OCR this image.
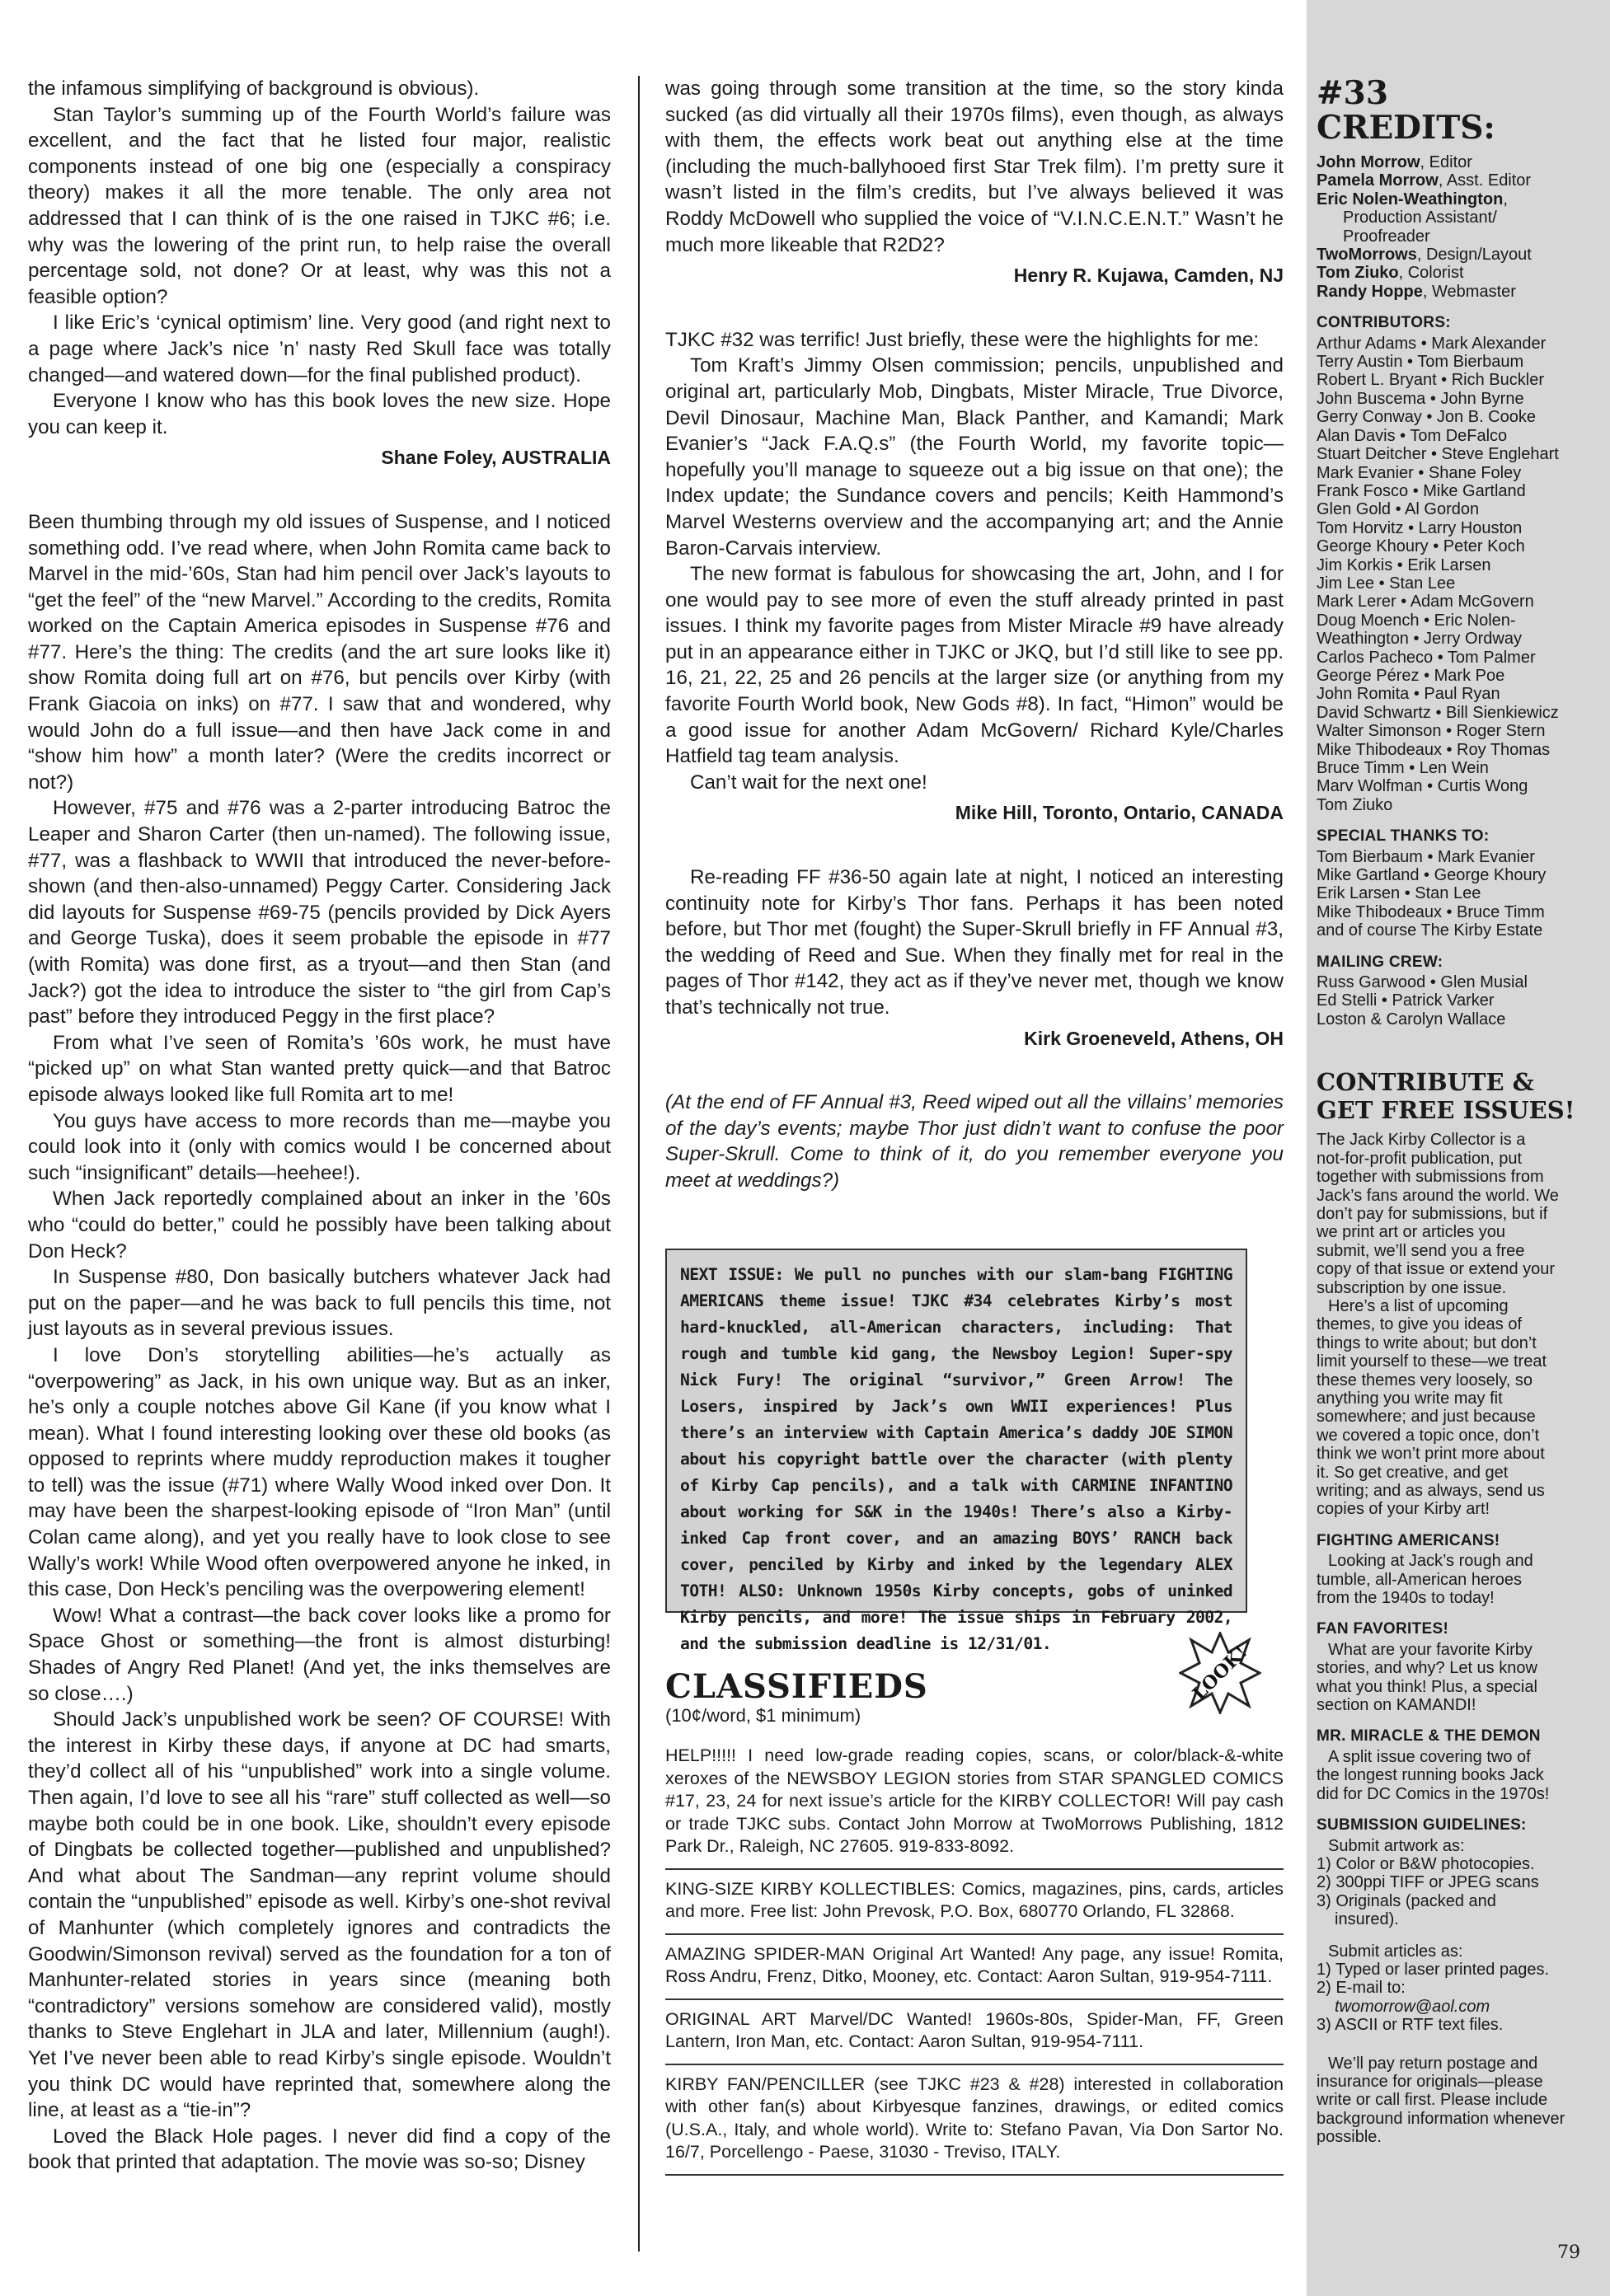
the infamous simplifying of background is obvious).

Stan Taylor’s summing up of the Fourth World’s failure was excellent, and the fact that he listed four major, realistic components instead of one big one (especially a conspiracy theory) makes it all the more tenable. The only area not addressed that I can think of is the one raised in TJKC #6; i.e. why was the lowering of the print run, to help raise the overall percentage sold, not done? Or at least, why was this not a feasible option?

I like Eric’s ‘cynical optimism’ line. Very good (and right next to a page where Jack’s nice ’n’ nasty Red Skull face was totally changed—and watered down—for the final published product).

Everyone I know who has this book loves the new size. Hope you can keep it.

Shane Foley, AUSTRALIA

Been thumbing through my old issues of Suspense, and I noticed something odd. I’ve read where, when John Romita came back to Marvel in the mid-’60s, Stan had him pencil over Jack’s layouts to “get the feel” of the “new Marvel.” According to the credits, Romita worked on the Captain America episodes in Suspense #76 and #77. Here’s the thing: The credits (and the art sure looks like it) show Romita doing full art on #76, but pencils over Kirby (with Frank Giacoia on inks) on #77. I saw that and wondered, why would John do a full issue—and then have Jack come in and “show him how” a month later? (Were the credits incorrect or not?)

However, #75 and #76 was a 2-parter introducing Batroc the Leaper and Sharon Carter (then un-named). The following issue, #77, was a flashback to WWII that introduced the never-before-shown (and then-also-unnamed) Peggy Carter. Considering Jack did layouts for Suspense #69-75 (pencils provided by Dick Ayers and George Tuska), does it seem probable the episode in #77 (with Romita) was done first, as a tryout—and then Stan (and Jack?) got the idea to introduce the sister to “the girl from Cap’s past” before they introduced Peggy in the first place?

From what I’ve seen of Romita’s ’60s work, he must have “picked up” on what Stan wanted pretty quick—and that Batroc episode always looked like full Romita art to me!

You guys have access to more records than me—maybe you could look into it (only with comics would I be concerned about such “insignificant” details—heehee!).

When Jack reportedly complained about an inker in the ’60s who “could do better,” could he possibly have been talking about Don Heck?

In Suspense #80, Don basically butchers whatever Jack had put on the paper—and he was back to full pencils this time, not just layouts as in several previous issues.

I love Don’s storytelling abilities—he’s actually as “overpowering” as Jack, in his own unique way. But as an inker, he’s only a couple notches above Gil Kane (if you know what I mean). What I found interesting looking over these old books (as opposed to reprints where muddy reproduction makes it tougher to tell) was the issue (#71) where Wally Wood inked over Don. It may have been the sharpest-looking episode of “Iron Man” (until Colan came along), and yet you really have to look close to see Wally’s work! While Wood often overpowered anyone he inked, in this case, Don Heck’s penciling was the overpowering element!

Wow! What a contrast—the back cover looks like a promo for Space Ghost or something—the front is almost disturbing! Shades of Angry Red Planet! (And yet, the inks themselves are so close….)

Should Jack’s unpublished work be seen? OF COURSE! With the interest in Kirby these days, if anyone at DC had smarts, they’d collect all of his “unpublished” work into a single volume. Then again, I’d love to see all his “rare” stuff collected as well—so maybe both could be in one book. Like, shouldn’t every episode of Dingbats be collected together—published and unpublished? And what about The Sandman—any reprint volume should contain the “unpublished” episode as well. Kirby’s one-shot revival of Manhunter (which completely ignores and contradicts the Goodwin/Simonson revival) served as the foundation for a ton of Manhunter-related stories in years since (meaning both “contradictory” versions somehow are considered valid), mostly thanks to Steve Englehart in JLA and later, Millennium (augh!). Yet I’ve never been able to read Kirby’s single episode. Wouldn’t you think DC would have reprinted that, somewhere along the line, at least as a “tie-in”?

Loved the Black Hole pages. I never did find a copy of the book that printed that adaptation. The movie was so-so; Disney

was going through some transition at the time, so the story kinda sucked (as did virtually all their 1970s films), even though, as always with them, the effects work beat out anything else at the time (including the much-ballyhooed first Star Trek film). I’m pretty sure it wasn’t listed in the film’s credits, but I’ve always believed it was Roddy McDowell who supplied the voice of “V.I.N.C.E.N.T.” Wasn’t he much more likeable that R2D2?

Henry R. Kujawa, Camden, NJ

TJKC #32 was terrific! Just briefly, these were the highlights for me:

Tom Kraft’s Jimmy Olsen commission; pencils, unpublished and original art, particularly Mob, Dingbats, Mister Miracle, True Divorce, Devil Dinosaur, Machine Man, Black Panther, and Kamandi; Mark Evanier’s “Jack F.A.Q.s” (the Fourth World, my favorite topic—hopefully you’ll manage to squeeze out a big issue on that one); the Index update; the Sundance covers and pencils; Keith Hammond’s Marvel Westerns overview and the accompanying art; and the Annie Baron-Carvais interview.

The new format is fabulous for showcasing the art, John, and I for one would pay to see more of even the stuff already printed in past issues. I think my favorite pages from Mister Miracle #9 have already put in an appearance either in TJKC or JKQ, but I’d still like to see pp. 16, 21, 22, 25 and 26 pencils at the larger size (or anything from my favorite Fourth World book, New Gods #8). In fact, “Himon” would be a good issue for another Adam McGovern/ Richard Kyle/Charles Hatfield tag team analysis.

Can’t wait for the next one!

Mike Hill, Toronto, Ontario, CANADA

Re-reading FF #36-50 again late at night, I noticed an interesting continuity note for Kirby’s Thor fans. Perhaps it has been noted before, but Thor met (fought) the Super-Skrull briefly in FF Annual #3, the wedding of Reed and Sue. When they finally met for real in the pages of Thor #142, they act as if they’ve never met, though we know that’s technically not true.

Kirk Groeneveld, Athens, OH

(At the end of FF Annual #3, Reed wiped out all the villains’ memories of the day’s events; maybe Thor just didn’t want to confuse the poor Super-Skrull. Come to think of it, do you remember everyone you meet at weddings?)

NEXT ISSUE: We pull no punches with our slam-bang FIGHTING AMERICANS theme issue! TJKC #34 celebrates Kirby’s most hard-knuckled, all-American characters, including: That rough and tumble kid gang, the Newsboy Legion! Super-spy Nick Fury! The original “survivor,” Green Arrow! The Losers, inspired by Jack’s own WWII experiences! Plus there’s an interview with Captain America’s daddy JOE SIMON about his copyright battle over the character (with plenty of Kirby Cap pencils), and a talk with CARMINE INFANTINO about working for S&K in the 1940s! There’s also a Kirby-inked Cap front cover, and an amazing BOYS’ RANCH back cover, penciled by Kirby and inked by the legendary ALEX TOTH! ALSO: Unknown 1950s Kirby concepts, gobs of uninked Kirby pencils, and more! The issue ships in February 2002, and the submission deadline is 12/31/01.	LOOK!

CLASSIFIEDS

(10¢/word, $1 minimum)

HELP!!!!! I need low-grade reading copies, scans, or color/black-&-white xeroxes of the NEWSBOY LEGION stories from STAR SPANGLED COMICS #17, 23, 24 for next issue’s article for the KIRBY COLLECTOR! Will pay cash or trade TJKC subs. Contact John Morrow at TwoMorrows Publishing, 1812 Park Dr., Raleigh, NC 27605. 919-833-8092.

KING-SIZE KIRBY KOLLECTIBLES: Comics, magazines, pins, cards, articles and more. Free list: John Prevosk, P.O. Box, 680770 Orlando, FL 32868.

AMAZING SPIDER-MAN Original Art Wanted! Any page, any issue! Romita, Ross Andru, Frenz, Ditko, Mooney, etc. Contact: Aaron Sultan, 919-954-7111.

ORIGINAL ART Marvel/DC Wanted! 1960s-80s, Spider-Man, FF, Green Lantern, Iron Man, etc. Contact: Aaron Sultan, 919-954-7111.

KIRBY FAN/PENCILLER (see TJKC #23 & #28) interested in collaboration with other fan(s) about Kirbyesque fanzines, drawings, or edited comics (U.S.A., Italy, and whole world). Write to: Stefano Pavan, Via Don Sartor No. 16/7, Porcellengo - Paese, 31030 - Treviso, ITALY.

#33 CREDITS:

John Morrow, Editor

Pamela Morrow, Asst. Editor

Eric Nolen-Weathington,

Production Assistant/

Proofreader

TwoMorrows, Design/Layout

Tom Ziuko, Colorist

Randy Hoppe, Webmaster

CONTRIBUTORS:

Arthur Adams • Mark Alexander

Terry Austin • Tom Bierbaum

Robert L. Bryant • Rich Buckler

John Buscema • John Byrne

Gerry Conway • Jon B. Cooke

Alan Davis • Tom DeFalco

Stuart Deitcher • Steve Englehart

Mark Evanier • Shane Foley

Frank Fosco • Mike Gartland

Glen Gold • Al Gordon

Tom Horvitz • Larry Houston

George Khoury • Peter Koch

Jim Korkis • Erik Larsen

Jim Lee • Stan Lee

Mark Lerer • Adam McGovern

Doug Moench • Eric Nolen-

Weathington • Jerry Ordway

Carlos Pacheco • Tom Palmer

George Pérez • Mark Poe

John Romita • Paul Ryan

David Schwartz • Bill Sienkiewicz

Walter Simonson • Roger Stern

Mike Thibodeaux • Roy Thomas

Bruce Timm • Len Wein

Marv Wolfman • Curtis Wong

Tom Ziuko

SPECIAL THANKS TO:

Tom Bierbaum • Mark Evanier

Mike Gartland • George Khoury

Erik Larsen • Stan Lee

Mike Thibodeaux • Bruce Timm

and of course The Kirby Estate

MAILING CREW:

Russ Garwood • Glen Musial

Ed Stelli • Patrick Varker

Loston & Carolyn Wallace

CONTRIBUTE & GET FREE ISSUES!

The Jack Kirby Collector is a

not-for-profit publication, put

together with submissions from

Jack’s fans around the world. We

don’t pay for submissions, but if

we print art or articles you

submit, we’ll send you a free

copy of that issue or extend your

subscription by one issue.

Here’s a list of upcoming

themes, to give you ideas of

things to write about; but don’t

limit yourself to these—we treat

these themes very loosely, so

anything you write may fit

somewhere; and just because

we covered a topic once, don’t

think we won’t print more about

it. So get creative, and get

writing; and as always, send us

copies of your Kirby art!

FIGHTING AMERICANS!

Looking at Jack’s rough and

tumble, all-American heroes

from the 1940s to today!

FAN FAVORITES!

What are your favorite Kirby

stories, and why? Let us know

what you think! Plus, a special

section on KAMANDI!

MR. MIRACLE & THE DEMON

A split issue covering two of

the longest running books Jack

did for DC Comics in the 1970s!

SUBMISSION GUIDELINES:

Submit artwork as:

1) Color or B&W photocopies.

2) 300ppi TIFF or JPEG scans

3) Originals (packed and

insured).

Submit articles as:

1) Typed or laser printed pages.

2) E-mail to:

twomorrow@aol.com

3) ASCII or RTF text files.

We’ll pay return postage and

insurance for originals—please

write or call first. Please include

background information whenever

possible.

79
